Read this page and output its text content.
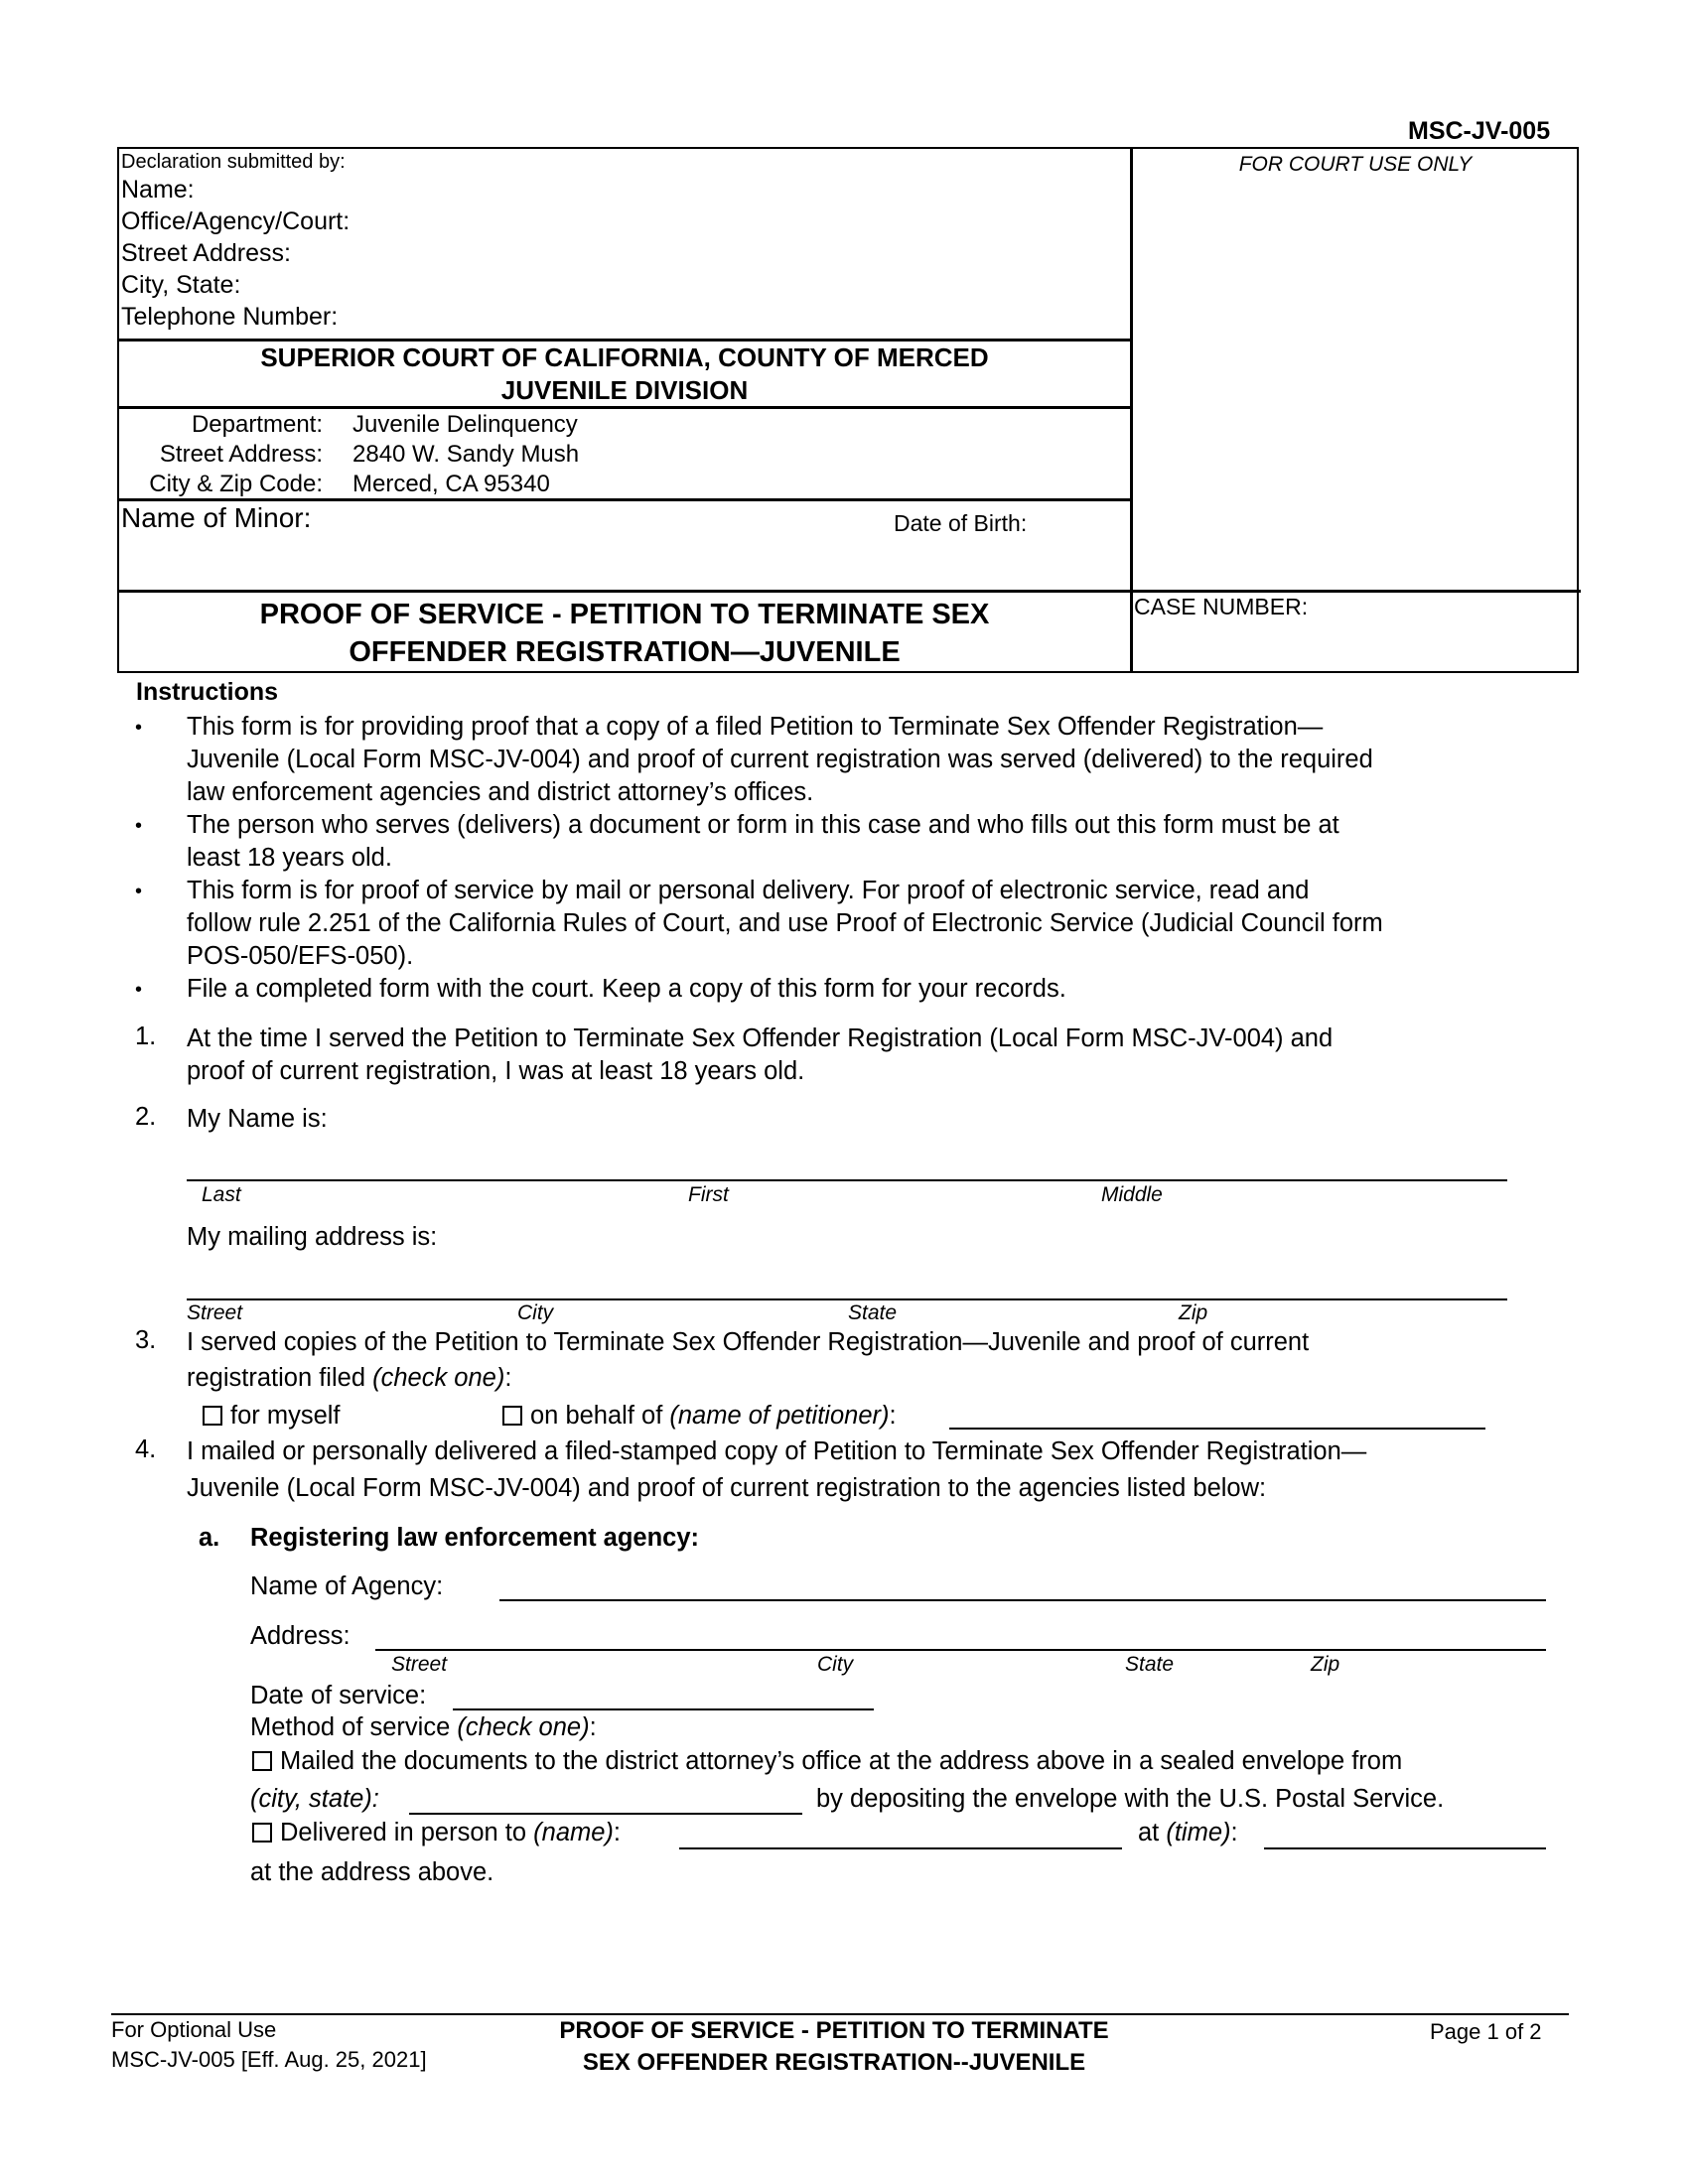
MSC-JV-005
Declaration submitted by:
Name:
Office/Agency/Court:
Street Address:
City, State:
Telephone Number:
SUPERIOR COURT OF CALIFORNIA, COUNTY OF MERCED
JUVENILE DIVISION
Department: Juvenile Delinquency
Street Address: 2840 W. Sandy Mush
City & Zip Code: Merced, CA 95340
Name of Minor:	Date of Birth:
PROOF OF SERVICE - PETITION TO TERMINATE SEX
OFFENDER REGISTRATION—JUVENILE
FOR COURT USE ONLY
CASE NUMBER:
Instructions
• This form is for providing proof that a copy of a filed Petition to Terminate Sex Offender Registration—
Juvenile (Local Form MSC-JV-004) and proof of current registration was served (delivered) to the required
law enforcement agencies and district attorney’s offices.
• The person who serves (delivers) a document or form in this case and who fills out this form must be at
least 18 years old.
• This form is for proof of service by mail or personal delivery. For proof of electronic service, read and
follow rule 2.251 of the California Rules of Court, and use Proof of Electronic Service (Judicial Council form
POS-050/EFS-050).
• File a completed form with the court. Keep a copy of this form for your records.
1. At the time I served the Petition to Terminate Sex Offender Registration (Local Form MSC-JV-004) and
proof of current registration, I was at least 18 years old.
2. My Name is:
Last	First	Middle
My mailing address is:
Street	City	State	Zip
3. I served copies of the Petition to Terminate Sex Offender Registration—Juvenile and proof of current
registration filed (check one):
for myself	on behalf of (name of petitioner):
4. I mailed or personally delivered a filed-stamped copy of Petition to Terminate Sex Offender Registration—
Juvenile (Local Form MSC-JV-004) and proof of current registration to the agencies listed below:
a. Registering law enforcement agency:
Name of Agency:
Address:
Street	City	State	Zip
Date of service:
Method of service (check one):
Mailed the documents to the district attorney’s office at the address above in a sealed envelope from
(city, state):	by depositing the envelope with the U.S. Postal Service.
Delivered in person to (name):	at (time):
at the address above.
For Optional Use
MSC-JV-005 [Eff. Aug. 25, 2021]
PROOF OF SERVICE - PETITION TO TERMINATE
SEX OFFENDER REGISTRATION--JUVENILE
Page 1 of 2
